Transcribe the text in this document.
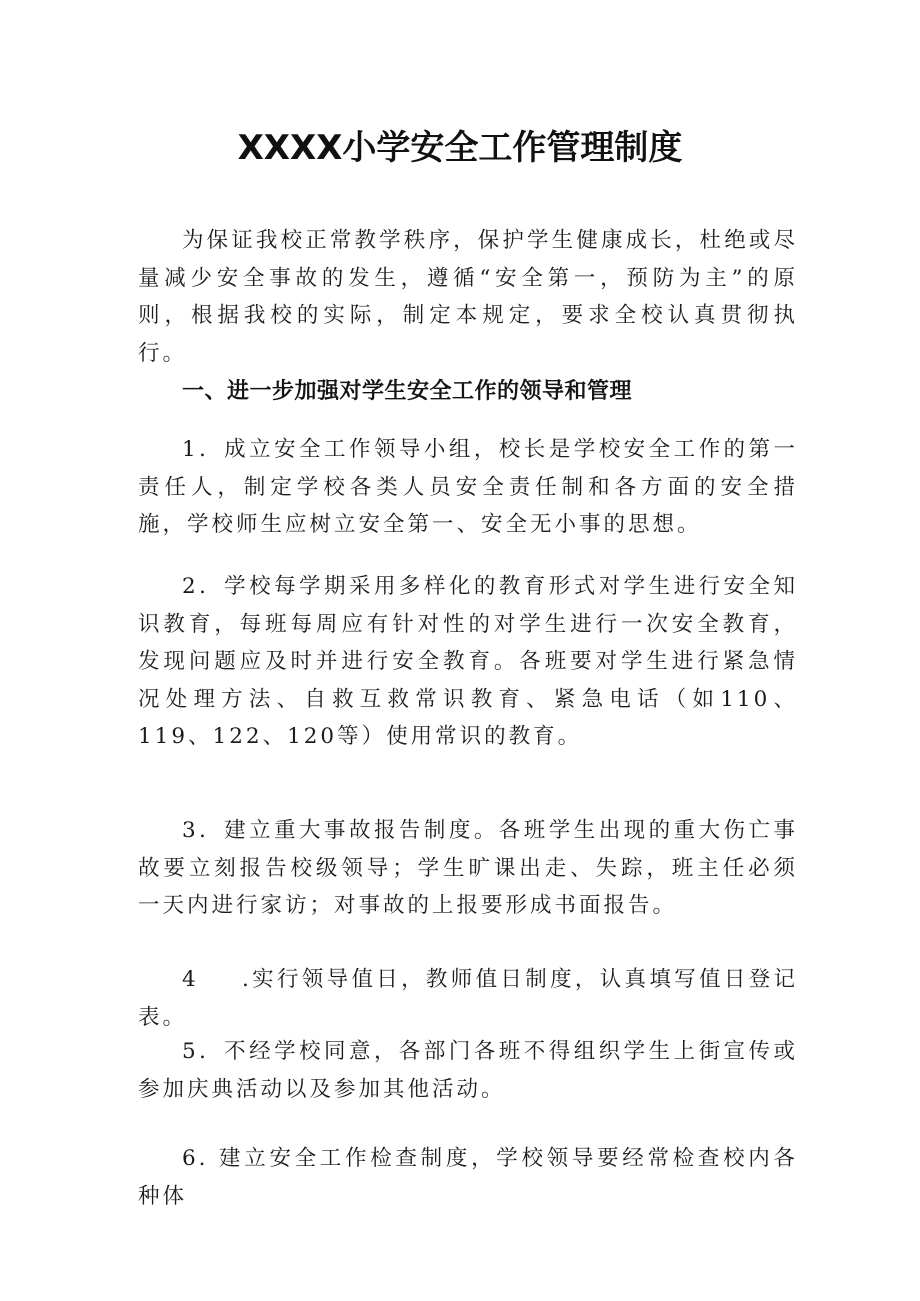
XXXX小学安全工作管理制度

为保证我校正常教学秩序，保护学生健康成长，杜绝或尽量减少安全事故的发生，遵循“安全第一，预防为主”的原则，根据我校的实际，制定本规定，要求全校认真贯彻执行。

一、进一步加强对学生安全工作的领导和管理

1．成立安全工作领导小组，校长是学校安全工作的第一责任人，制定学校各类人员安全责任制和各方面的安全措施，学校师生应树立安全第一、安全无小事的思想。

2．学校每学期采用多样化的教育形式对学生进行安全知识教育，每班每周应有针对性的对学生进行一次安全教育，发现问题应及时并进行安全教育。各班要对学生进行紧急情况处理方法、自救互救常识教育、紧急电话（如110、119、122、120等）使用常识的教育。

3．建立重大事故报告制度。各班学生出现的重大伤亡事故要立刻报告校级领导；学生旷课出走、失踪，班主任必须一天内进行家访；对事故的上报要形成书面报告。

4 .实行领导值日，教师值日制度，认真填写值日登记表。

5．不经学校同意，各部门各班不得组织学生上街宣传或参加庆典活动以及参加其他活动。

6. 建立安全工作检查制度，学校领导要经常检查校内各种体
